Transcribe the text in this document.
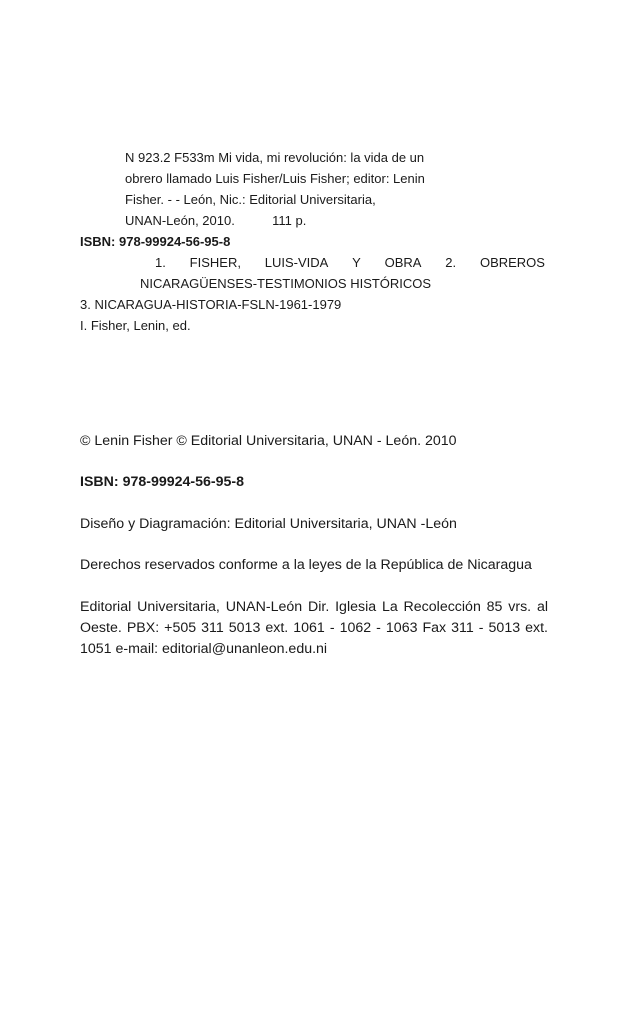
N 923.2 F533m Mi vida, mi revolución: la vida de un
obrero llamado Luis Fisher/Luis Fisher; editor: Lenin
Fisher. - - León, Nic.: Editorial Universitaria,
UNAN-León, 2010.	111 p.
ISBN: 978-99924-56-95-8
1. FISHER, LUIS-VIDA Y OBRA 2. OBREROS
NICARAGÜENSES-TESTIMONIOS HISTÓRICOS
3. NICARAGUA-HISTORIA-FSLN-1961-1979
I. Fisher, Lenin, ed.
© Lenin Fisher © Editorial Universitaria, UNAN - León. 2010
ISBN: 978-99924-56-95-8
Diseño y Diagramación: Editorial Universitaria, UNAN -León
Derechos reservados conforme a la leyes de la República de Nicaragua
Editorial Universitaria, UNAN-León Dir. Iglesia La Recolección 85 vrs. al Oeste. PBX: +505 311 5013 ext. 1061 - 1062 - 1063 Fax 311 - 5013 ext. 1051 e-mail: editorial@unanleon.edu.ni
